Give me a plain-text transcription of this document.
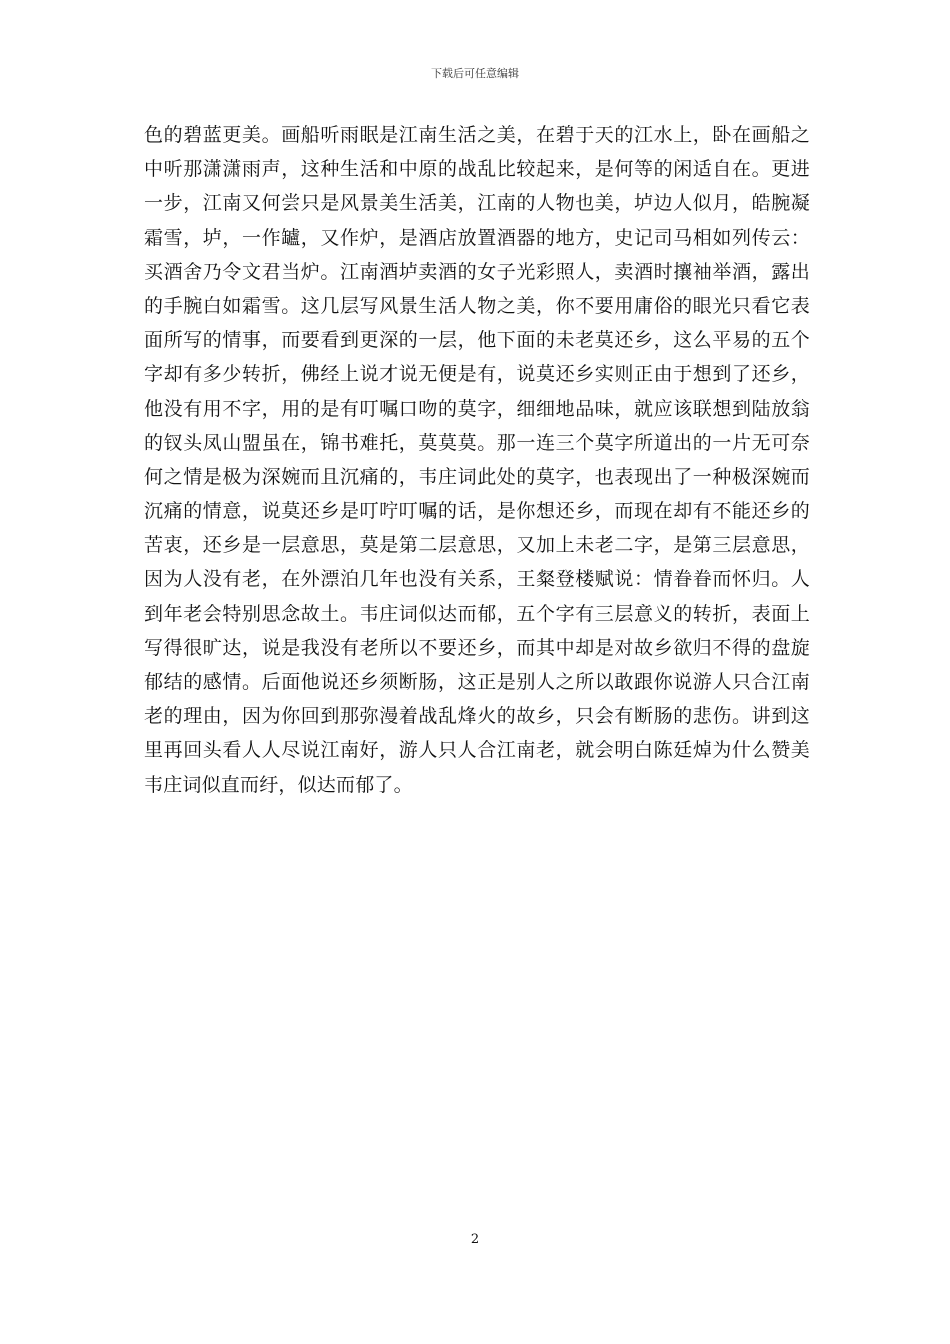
下载后可任意编辑
色的碧蓝更美。画船听雨眠是江南生活之美，在碧于天的江水上，卧在画船之
中听那潇潇雨声，这种生活和中原的战乱比较起来，是何等的闲适自在。更进
一步，江南又何尝只是风景美生活美，江南的人物也美，垆边人似月，皓腕凝
霜雪，垆，一作罏，又作炉，是酒店放置酒器的地方，史记司马相如列传云：
买酒舍乃令文君当炉。江南酒垆卖酒的女子光彩照人，卖酒时攘袖举酒，露出
的手腕白如霜雪。这几层写风景生活人物之美，你不要用庸俗的眼光只看它表
面所写的情事，而要看到更深的一层，他下面的未老莫还乡，这么平易的五个
字却有多少转折，佛经上说才说无便是有，说莫还乡实则正由于想到了还乡，
他没有用不字，用的是有叮嘱口吻的莫字，细细地品味，就应该联想到陆放翁
的钗头凤山盟虽在，锦书难托，莫莫莫。那一连三个莫字所道出的一片无可奈
何之情是极为深婉而且沉痛的，韦庄词此处的莫字，也表现出了一种极深婉而
沉痛的情意，说莫还乡是叮咛叮嘱的话，是你想还乡，而现在却有不能还乡的
苦衷，还乡是一层意思，莫是第二层意思，又加上未老二字，是第三层意思，
因为人没有老，在外漂泊几年也没有关系，王粲登楼赋说：情眷眷而怀归。人
到年老会特别思念故土。韦庄词似达而郁，五个字有三层意义的转折，表面上
写得很旷达，说是我没有老所以不要还乡，而其中却是对故乡欲归不得的盘旋
郁结的感情。后面他说还乡须断肠，这正是别人之所以敢跟你说游人只合江南
老的理由，因为你回到那弥漫着战乱烽火的故乡，只会有断肠的悲伤。讲到这
里再回头看人人尽说江南好，游人只人合江南老，就会明白陈廷焯为什么赞美
韦庄词似直而纡，似达而郁了。
2
